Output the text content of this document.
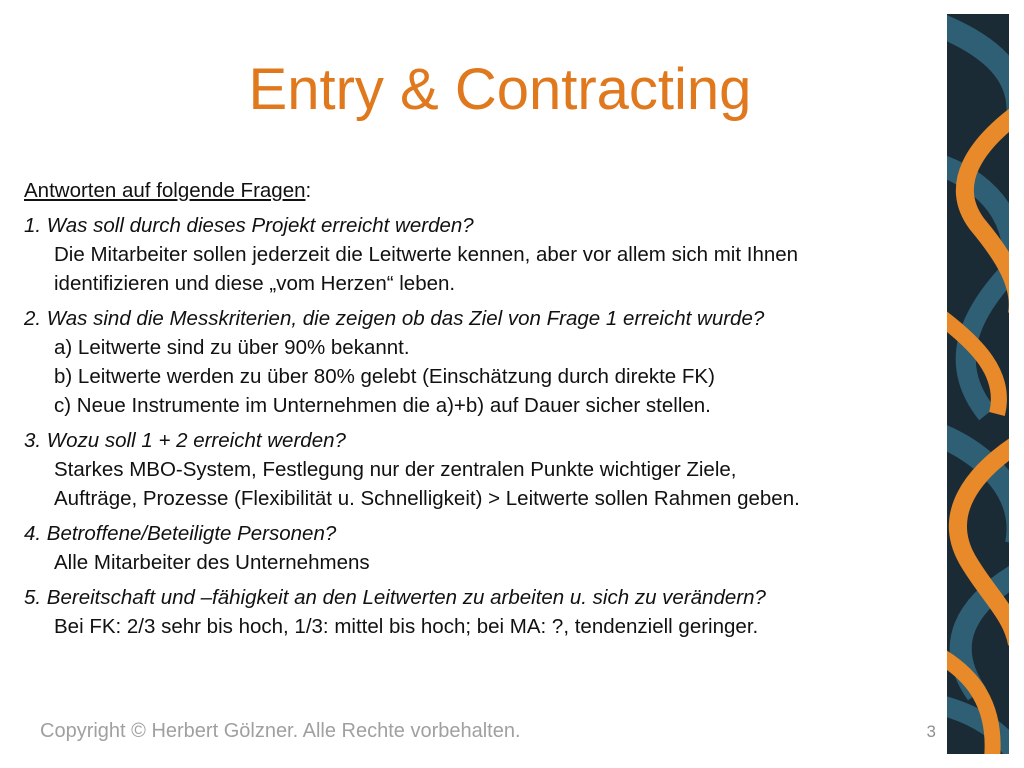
Entry & Contracting
Antworten auf folgende Fragen:
1. Was soll durch dieses Projekt erreicht werden?
Die Mitarbeiter sollen jederzeit die Leitwerte kennen, aber vor allem sich mit Ihnen
identifizieren und diese „vom Herzen“ leben.
2. Was sind die Messkriterien, die zeigen ob das Ziel von Frage 1 erreicht wurde?
a) Leitwerte sind zu über 90% bekannt.
b) Leitwerte werden zu über 80% gelebt (Einschätzung durch direkte FK)
c) Neue Instrumente im Unternehmen die a)+b) auf Dauer sicher stellen.
3. Wozu soll 1 + 2 erreicht werden?
Starkes MBO-System, Festlegung nur der zentralen Punkte wichtiger Ziele,
Aufträge, Prozesse (Flexibilität u. Schnelligkeit) > Leitwerte sollen Rahmen geben.
4. Betroffene/Beteiligte Personen?
Alle Mitarbeiter des Unternehmens
5. Bereitschaft und –fähigkeit an den Leitwerten zu arbeiten u. sich zu verändern?
Bei FK: 2/3 sehr bis hoch, 1/3: mittel bis hoch; bei MA: ?, tendenziell geringer.
Copyright © Herbert Gölzner. Alle Rechte vorbehalten.	3
